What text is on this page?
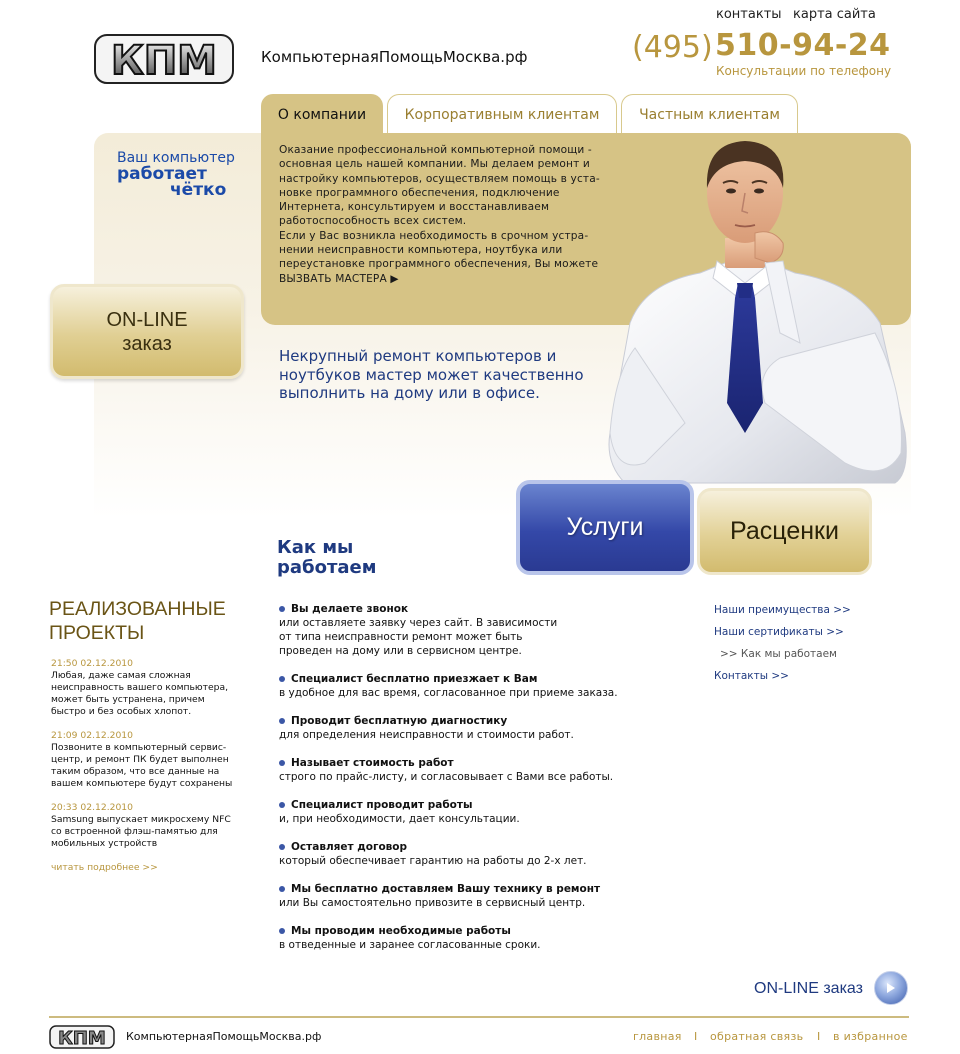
контакты карта сайта
КПМ	КомпьютернаяПомощьМосква.рф	(495) 510-94-24
Консультации по телефону
О компании	Корпоративным клиентам	Частным клиентам
Ваш компьютер
работает
чётко

Оказание профессиональной компьютерной помощи - основная цель нашей компании. Мы делаем ремонт и настройку компьютеров, осуществляем помощь в уста-новке программного обеспечения, подключение Интернета, консультируем и восстанавливаем работоспособность всех систем.

Если у Вас возникла необходимость в срочном устра-нении неисправности компьютера, ноутбука или переустановке программного обеспечения, Вы можете ВЫЗВАТЬ МАСТЕРА ▶

Некрупный ремонт компьютеров и ноутбуков мастер может качественно выполнить на дому или в офисе.
ON-LINE
заказ
Услуги	Расценки
Как мы
работаем
Вы делаете звонок
или оставляете заявку через сайт. В зависимости от типа неисправности ремонт может быть проведен на дому или в сервисном центре.
Специалист бесплатно приезжает к Вам
в удобное для вас время, согласованное при приеме заказа.
Проводит бесплатную диагностику
для определения неисправности и стоимости работ.
Называет стоимость работ
строго по прайс-листу, и согласовывает с Вами все работы.
Специалист проводит работы
и, при необходимости, дает консультации.
Оставляет договор
который обеспечивает гарантию на работы до 2-х лет.
Мы бесплатно доставляем Вашу технику в ремонт
или Вы самостоятельно привозите в сервисный центр.
Мы проводим необходимые работы
в отведенные и заранее согласованные сроки.
Наши преимущества >>
Наши сертификаты >>
>> Как мы работаем
Контакты >>
РЕАЛИЗОВАННЫЕ
ПРОЕКТЫ
21:50 02.12.2010
Любая, даже самая сложная неисправность вашего компьютера, может быть устранена, причем быстро и без особых хлопот.
21:09 02.12.2010
Позвоните в компьютерный сервис-центр, и ремонт ПК будет выполнен таким образом, что все данные на вашем компьютере будут сохранены
20:33 02.12.2010
Samsung выпускает микросхему NFC со встроенной флэш-памятью для мобильных устройств
читать подробнее >>
ON-LINE заказ
КПМ КомпьютернаяПомощьМосква.рф	главная I обратная связь I в избранное
